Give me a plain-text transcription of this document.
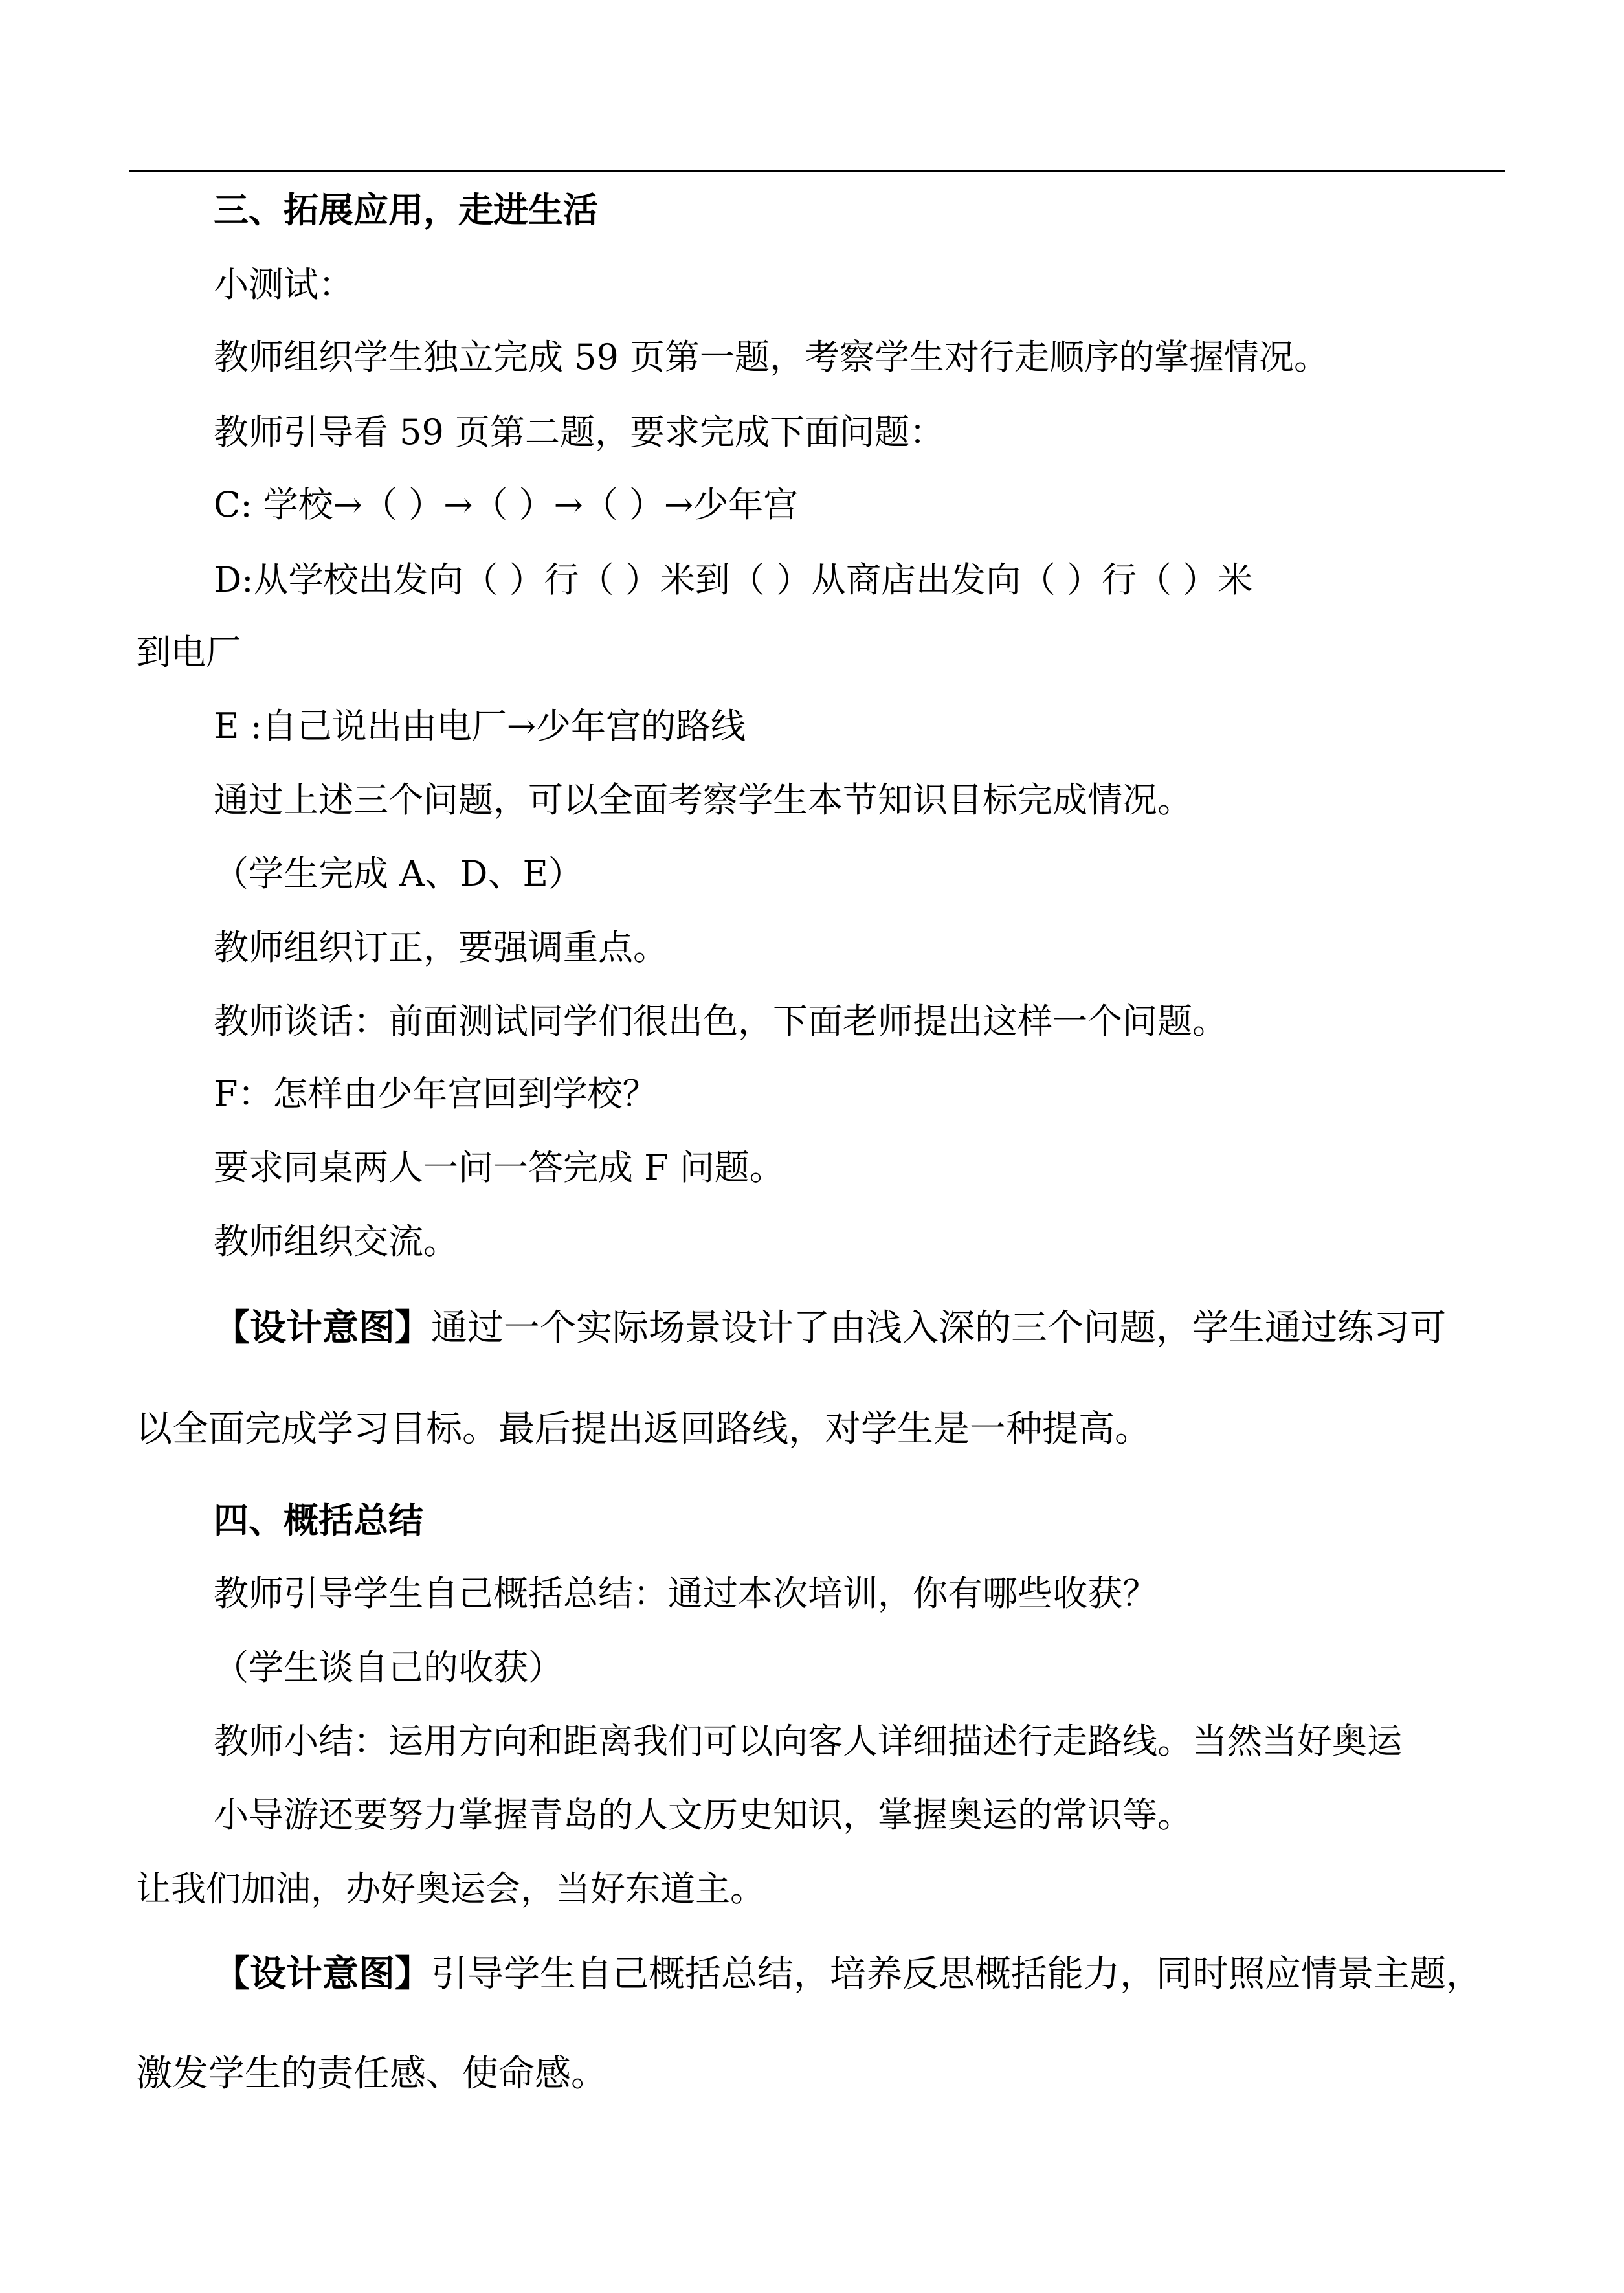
三、拓展应用，走进生活
小测试：
教师组织学生独立完成 59 页第一题，考察学生对行走顺序的掌握情况。
教师引导看 59 页第二题，要求完成下面问题：
C: 学校→（ ）→（ ）→（ ）→少年宫
D:从学校出发向（ ）行（ ）米到（ ）从商店出发向（ ）行（ ）米
到电厂
E :自己说出由电厂→少年宫的路线
通过上述三个问题，可以全面考察学生本节知识目标完成情况。
（学生完成 A、D、E）
教师组织订正，要强调重点。
教师谈话：前面测试同学们很出色，下面老师提出这样一个问题。
F：怎样由少年宫回到学校？
要求同桌两人一问一答完成 F 问题。
教师组织交流。
【设计意图】通过一个实际场景设计了由浅入深的三个问题，学生通过练习可
以全面完成学习目标。最后提出返回路线，对学生是一种提高。
四、概括总结
教师引导学生自己概括总结：通过本次培训，你有哪些收获？
（学生谈自己的收获）
教师小结：运用方向和距离我们可以向客人详细描述行走路线。当然当好奥运
小导游还要努力掌握青岛的人文历史知识，掌握奥运的常识等。
让我们加油，办好奥运会，当好东道主。
【设计意图】引导学生自己概括总结，培养反思概括能力，同时照应情景主题，
激发学生的责任感、使命感。
